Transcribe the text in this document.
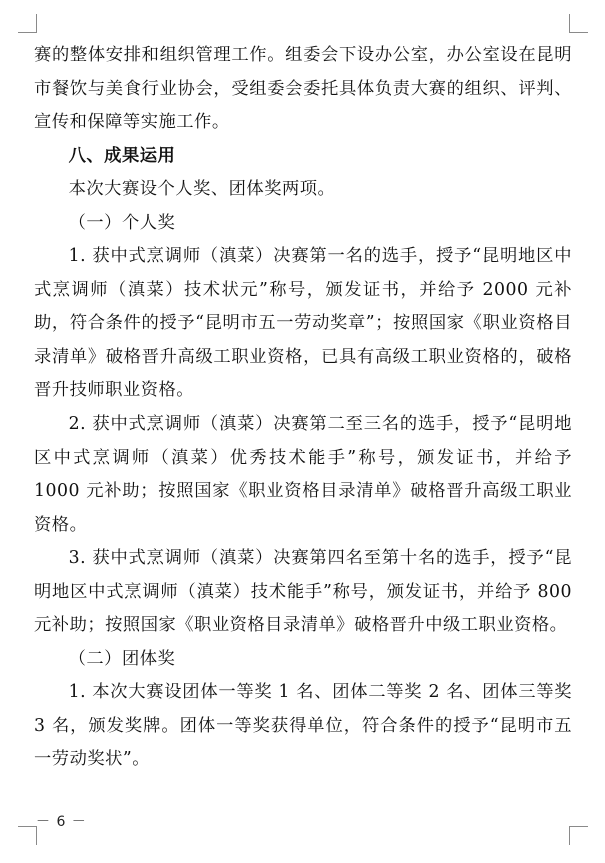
赛的整体安排和组织管理工作。组委会下设办公室，办公室设在昆明市餐饮与美食行业协会，受组委会委托具体负责大赛的组织、评判、宣传和保障等实施工作。

八、成果运用

本次大赛设个人奖、团体奖两项。

（一）个人奖

1. 获中式烹调师（滇菜）决赛第一名的选手，授予“昆明地区中式烹调师（滇菜）技术状元”称号，颁发证书，并给予 2000 元补助，符合条件的授予“昆明市五一劳动奖章”；按照国家《职业资格目录清单》破格晋升高级工职业资格，已具有高级工职业资格的，破格晋升技师职业资格。

2. 获中式烹调师（滇菜）决赛第二至三名的选手，授予“昆明地区中式烹调师（滇菜）优秀技术能手”称号，颁发证书，并给予 1000 元补助；按照国家《职业资格目录清单》破格晋升高级工职业资格。

3. 获中式烹调师（滇菜）决赛第四名至第十名的选手，授予“昆明地区中式烹调师（滇菜）技术能手”称号，颁发证书，并给予 800 元补助；按照国家《职业资格目录清单》破格晋升中级工职业资格。

（二）团体奖

1. 本次大赛设团体一等奖 1 名、团体二等奖 2 名、团体三等奖 3 名，颁发奖牌。团体一等奖获得单位，符合条件的授予“昆明市五一劳动奖状”。

－ 6 －
